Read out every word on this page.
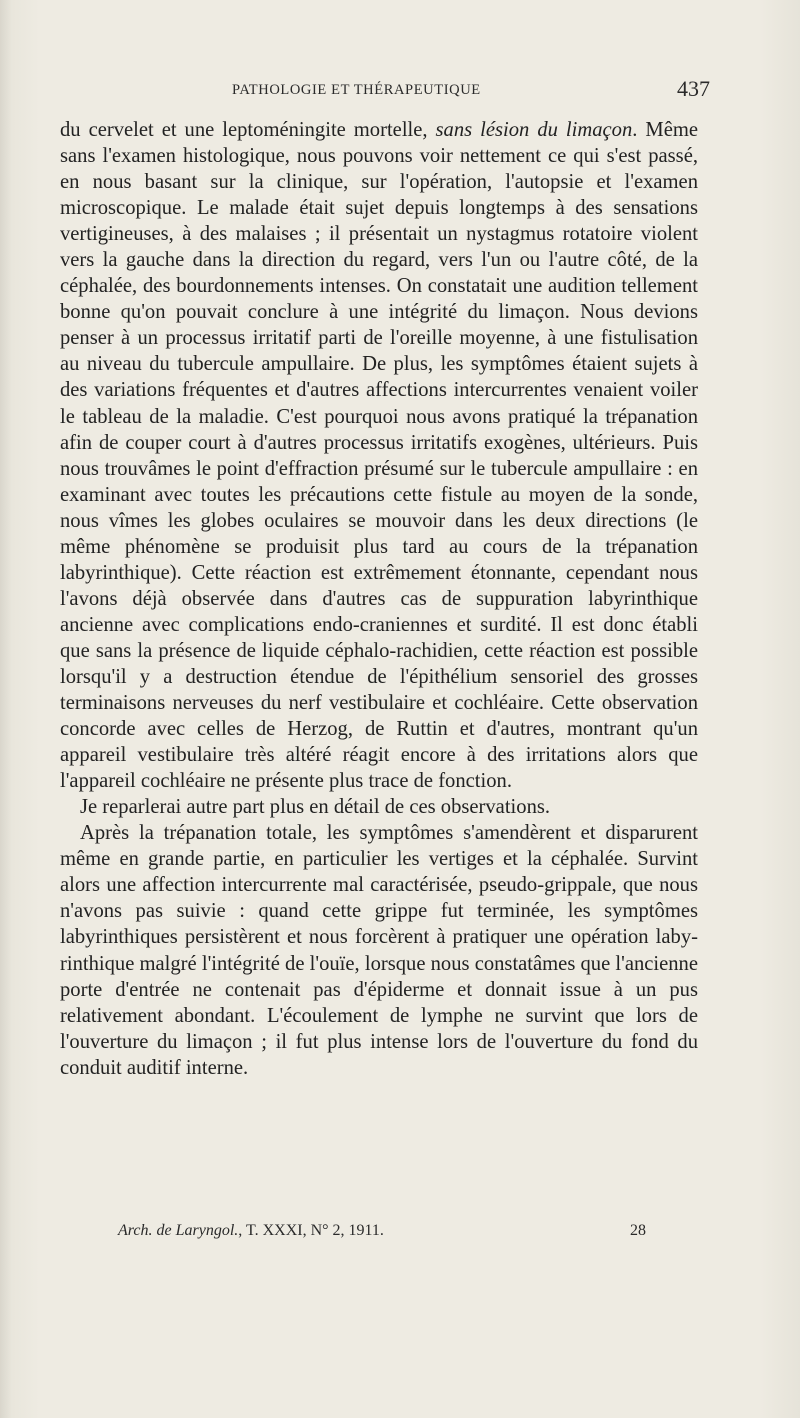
PATHOLOGIE ET THÉRAPEUTIQUE	437

du cervelet et une leptoméningite mortelle, sans lésion du limaçon. Même sans l'examen histologique, nous pouvons voir nettement ce qui s'est passé, en nous basant sur la clinique, sur l'opération, l'autopsie et l'examen microscopique. Le malade était sujet depuis longtemps à des sensations vertigineuses, à des malaises ; il présentait un nystagmus rotatoire violent vers la gauche dans la direction du regard, vers l'un ou l'autre côté, de la céphalée, des bourdonnements intenses. On constatait une audition tellement bonne qu'on pouvait conclure à une intégrité du limaçon. Nous devions penser à un processus irritatif parti de l'oreille moyenne, à une fistulisation au niveau du tubercule ampullaire. De plus, les symptômes étaient sujets à des variations fréquentes et d'autres affections intercurrentes venaient voiler le tableau de la maladie. C'est pourquoi nous avons pratiqué la trépanation afin de couper court à d'autres processus irritatifs exogènes, ultérieurs. Puis nous trouvâmes le point d'effraction présumé sur le tubercule ampullaire : en examinant avec toutes les précautions cette fistule au moyen de la sonde, nous vîmes les globes oculaires se mouvoir dans les deux directions (le même phénomène se produisit plus tard au cours de la trépanation labyrinthique). Cette réaction est extrêmement étonnante, cependant nous l'avons déjà observée dans d'autres cas de suppuration labyrinthique ancienne avec complications endo-craniennes et surdité. Il est donc établi que sans la présence de liquide céphalo-rachidien, cette réaction est possible lorsqu'il y a destruction étendue de l'épithélium sensoriel des grosses terminaisons nerveuses du nerf vestibulaire et cochléaire. Cette observation concorde avec celles de Herzog, de Ruttin et d'autres, montrant qu'un appareil vestibulaire très altéré réagit encore à des irritations alors que l'appareil cochléaire ne présente plus trace de fonction.

Je reparlerai autre part plus en détail de ces observations.

Après la trépanation totale, les symptômes s'amendèrent et disparurent même en grande partie, en particulier les vertiges et la céphalée. Survint alors une affection intercurrente mal caractérisée, pseudo-grippale, que nous n'avons pas suivie : quand cette grippe fut terminée, les symptômes labyrinthiques persistèrent et nous forcèrent à pratiquer une opération labyrinthique malgré l'intégrité de l'ouïe, lorsque nous constatâmes que l'ancienne porte d'entrée ne contenait pas d'épiderme et donnait issue à un pus relativement abondant. L'écoulement de lymphe ne survint que lors de l'ouverture du limaçon ; il fut plus intense lors de l'ouverture du fond du conduit auditif interne.

Arch. de Laryngol., T. XXXI, N° 2, 1911.	28
